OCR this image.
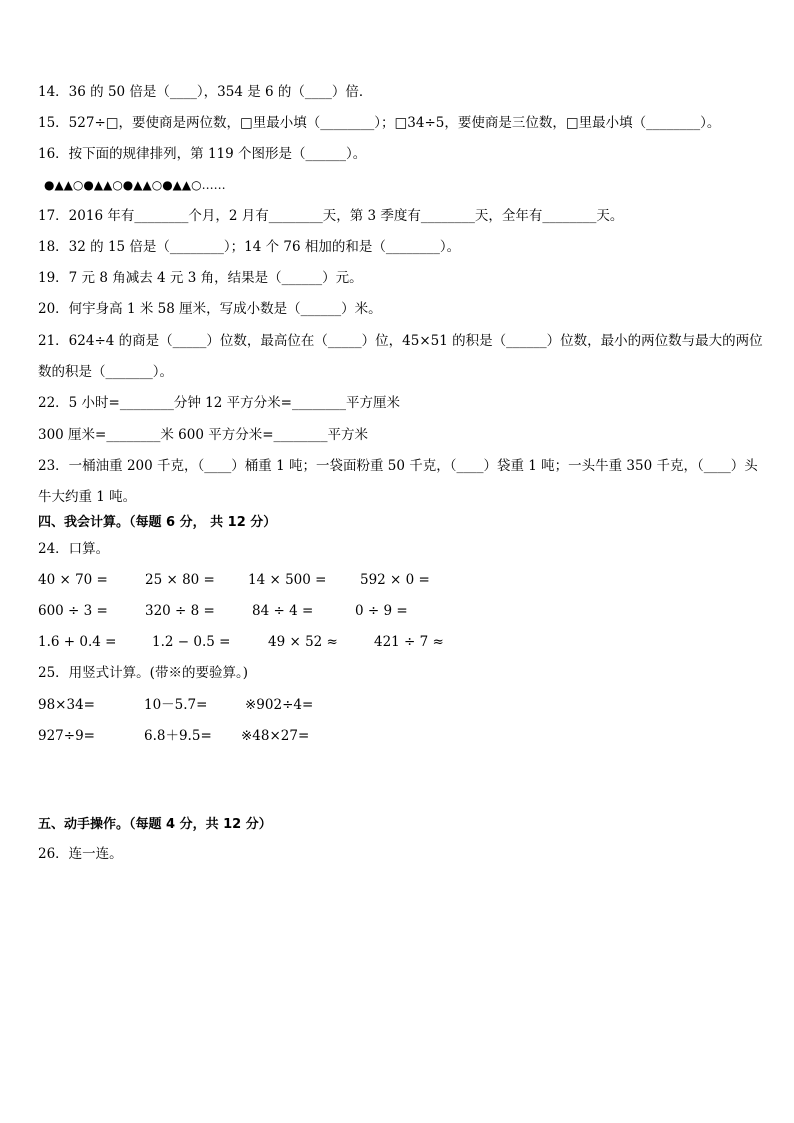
14．36 的 50 倍是（____），354 是 6 的（____）倍．
15．527÷□，要使商是两位数，□里最小填（________）；□34÷5，要使商是三位数，□里最小填（________）。
16．按下面的规律排列，第 119 个图形是（______）。
●▲▲○●▲▲○●▲▲○●▲▲○……
17．2016 年有________个月，2 月有________天，第 3 季度有________天，全年有________天。
18．32 的 15 倍是（________）；14 个 76 相加的和是（________）。
19．7 元 8 角减去 4 元 3 角，结果是（______）元。
20．何宇身高 1 米 58 厘米，写成小数是（______）米。
21．624÷4 的商是（_____）位数，最高位在（_____）位，45×51 的积是（______）位数，最小的两位数与最大的两位
数的积是（_______）。
22．5 小时=________分钟 12 平方分米=________平方厘米
300 厘米=________米 600 平方分米=________平方米
23．一桶油重 200 千克，（____）桶重 1 吨；一袋面粉重 50 千克，（____）袋重 1 吨；一头牛重 350 千克，（____）头
牛大约重 1 吨。
四、我会计算。（每题 6 分， 共 12 分）
24．口算。
40 × 70 =	25 × 80 = 14 × 500 = 592 × 0 =
600 ÷ 3 =	320 ÷ 8 =	84 ÷ 4 =	0 ÷ 9 =
1.6 + 0.4 =	1.2 − 0.5 =	49 × 52 ≈	421 ÷ 7 ≈
25．用竖式计算。(带※的要验算。)
98×34=	10－5.7=	※902÷4=
927÷9=	6.8＋9.5= ※48×27=
五、动手操作。（每题 4 分，共 12 分）
26．连一连。
